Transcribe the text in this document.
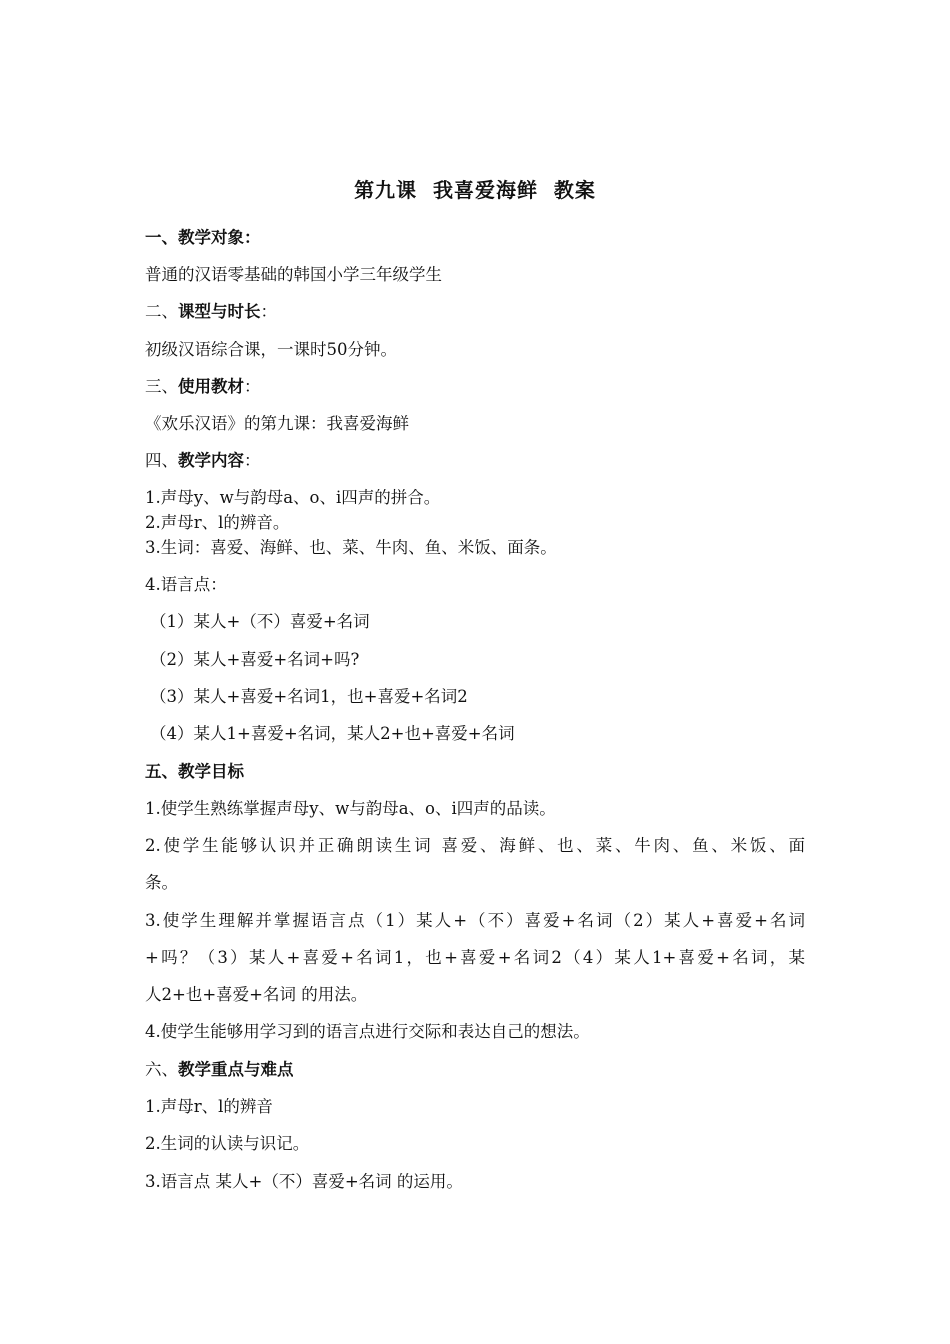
第九课  我喜爱海鲜  教案
一、教学对象：
普通的汉语零基础的韩国小学三年级学生
二、课型与时长：
初级汉语综合课，一课时50分钟。
三、使用教材：
《欢乐汉语》的第九课：我喜爱海鲜
四、教学内容：
1.声母y、w与韵母a、o、i四声的拼合。
2.声母r、l的辨音。
3.生词：喜爱、海鲜、也、菜、牛肉、鱼、米饭、面条。
4.语言点：
（1）某人+（不）喜爱+名词
（2）某人+喜爱+名词+吗?
（3）某人+喜爱+名词1，也+喜爱+名词2
（4）某人1+喜爱+名词，某人2+也+喜爱+名词
五、教学目标
1.使学生熟练掌握声母y、w与韵母a、o、i四声的品读。
2.使学生能够认识并正确朗读生词 喜爱、海鲜、也、菜、牛肉、鱼、米饭、面
条。
3.使学生理解并掌握语言点（1）某人+（不）喜爱+名词（2）某人+喜爱+名词
+吗？（3）某人+喜爱+名词1，也+喜爱+名词2（4）某人1+喜爱+名词，某
人2+也+喜爱+名词 的用法。
4.使学生能够用学习到的语言点进行交际和表达自己的想法。
六、教学重点与难点
1.声母r、l的辨音
2.生词的认读与识记。
3.语言点 某人+（不）喜爱+名词 的运用。
